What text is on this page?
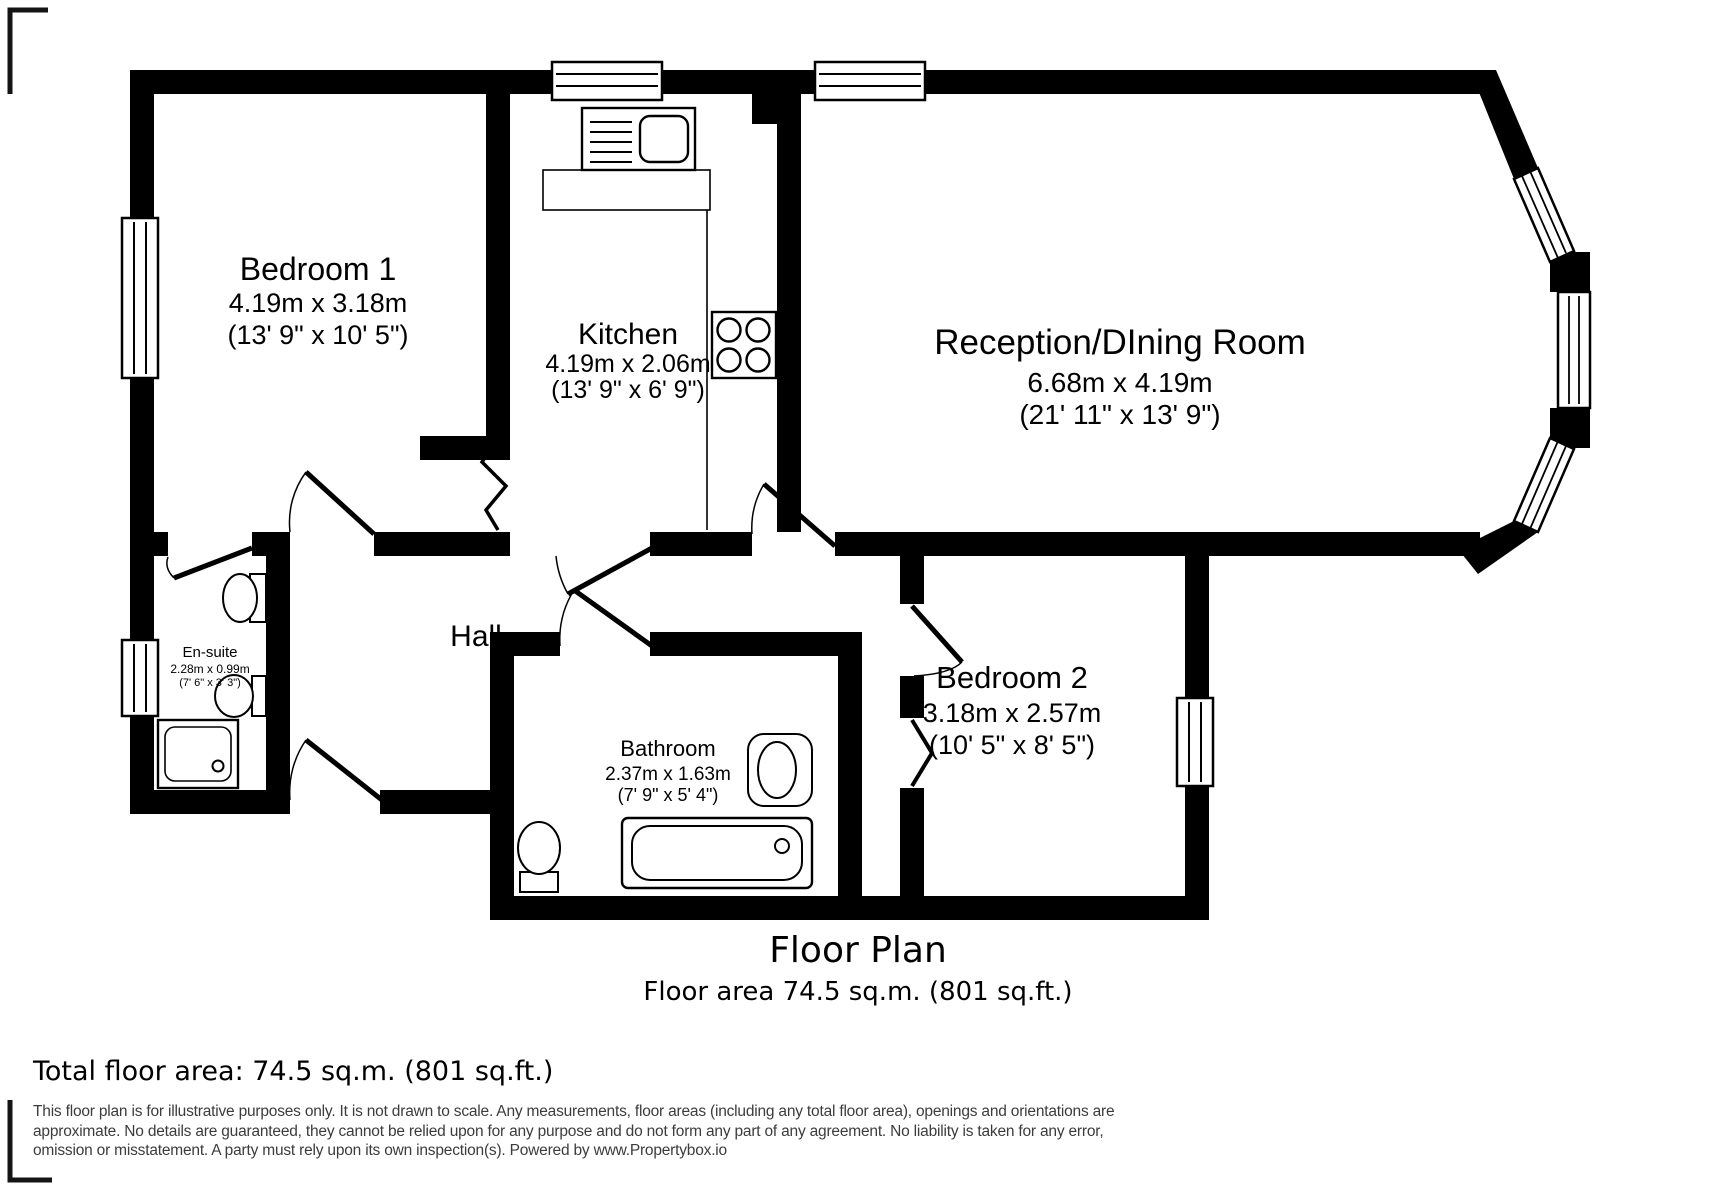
Bedroom 1
4.19m x 3.18m
(13' 9" x 10' 5")	Kitchen
4.19m x 2.06m
(13' 9" x 6' 9")
Reception/DIning Room
6.68m x 4.19m
(21' 11" x 13' 9")
Hall
En-suite
2.28m x 0.99m
(7' 6" x 3' 3")
Bathroom
2.37m x 1.63m
(7' 9" x 5' 4")
Bedroom 2
3.18m x 2.57m
(10' 5" x 8' 5")
Floor Plan
Floor area 74.5 sq.m. (801 sq.ft.)
Total floor area: 74.5 sq.m. (801 sq.ft.)
This floor plan is for illustrative purposes only. It is not drawn to scale. Any measurements, floor areas (including any total floor area), openings and orientations are approximate. No details are guaranteed, they cannot be relied upon for any purpose and do not form any part of any agreement. No liability is taken for any error, omission or misstatement. A party must rely upon its own inspection(s). Powered by www.Propertybox.io
